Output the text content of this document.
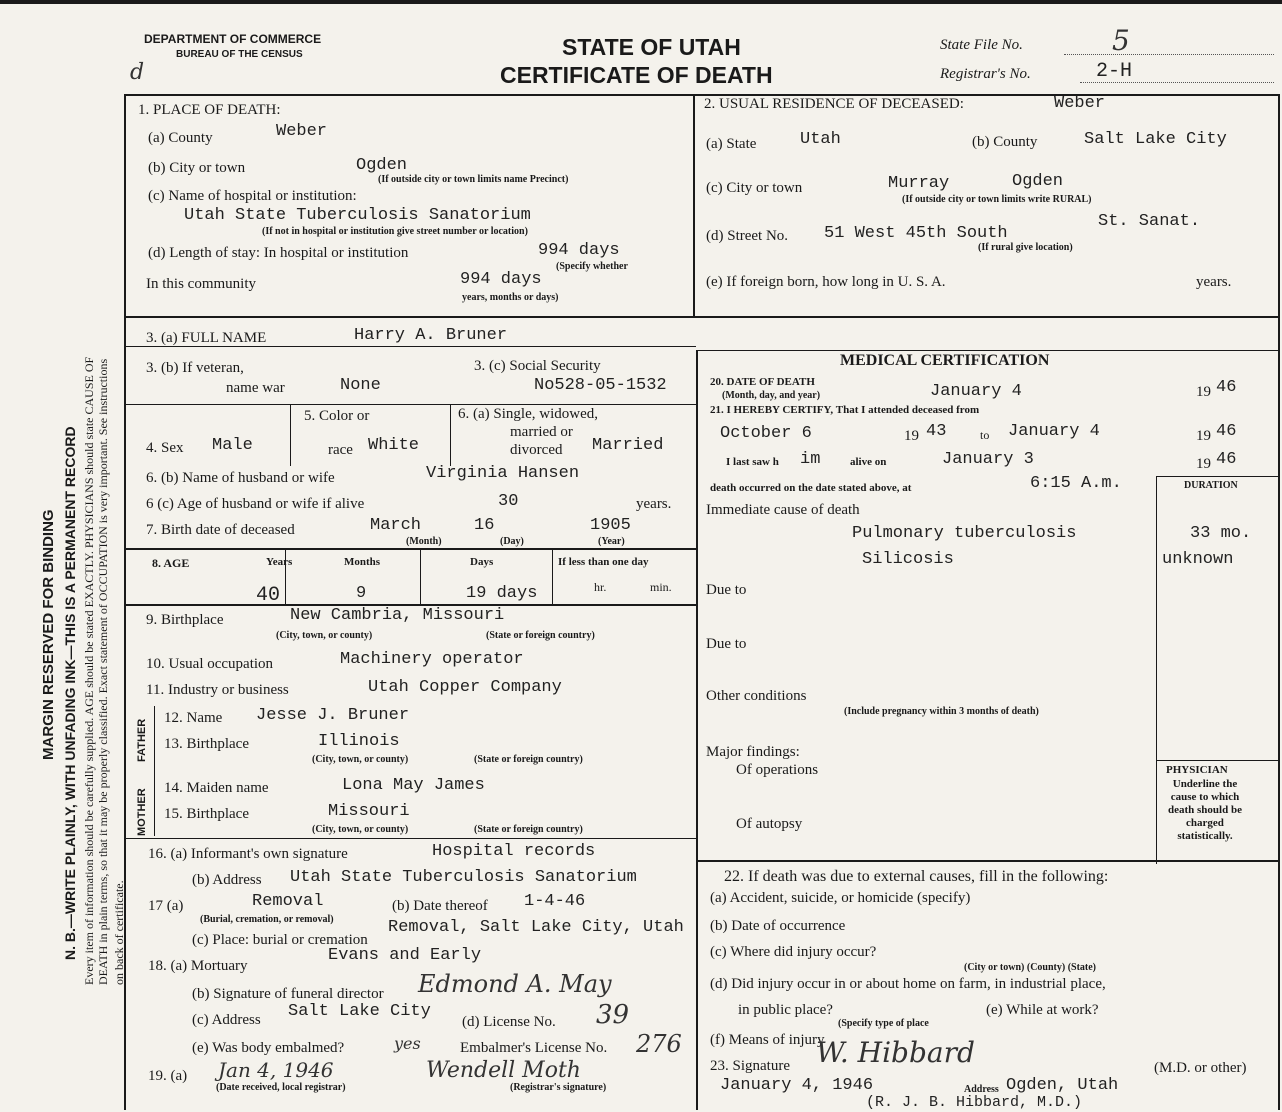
MARGIN RESERVED FOR BINDING N. B.—WRITE PLAINLY, WITH UNFADING INK—THIS IS A PERMANENT RECORD Every item of information should be carefully supplied. AGE should be stated EXACTLY. PHYSICIANS should state CAUSE OF DEATH in plain terms, so that it may be properly classified. Exact statement of OCCUPATION is very important. See instructions on back of certificate.
DEPARTMENT OF COMMERCE
BUREAU OF THE CENSUS
d
STATE OF UTAH
CERTIFICATE OF DEATH
State File No.	5
Registrar's No.	2-H
1. PLACE OF DEATH:
(a) County	Weber
(b) City or town	Ogden
(If outside city or town limits name Precinct)
(c) Name of hospital or institution:
Utah State Tuberculosis Sanatorium
(If not in hospital or institution give street number or location)
(d) Length of stay: In hospital or institution	994 days
(Specify whether
In this community	994 days
years, months or days)
2. USUAL RESIDENCE OF DECEASED:	Weber
(a) State	Utah	(b) County	Salt Lake City
(c) City or town	Murray	Ogden
(If outside city or town limits write RURAL)
(d) Street No. 51 West 45th South
St. Sanat.
(If rural give location)
(e) If foreign born, how long in U. S. A.	years.
3. (a) FULL NAME	Harry A. Bruner
3. (b) If veteran,
name war	None
3. (c) Social Security
No528-05-1532
4. Sex Male
5. Color or
race White
6. (a) Single, widowed,
married or
divorced Married
6. (b) Name of husband or wife	Virginia Hansen
6 (c) Age of husband or wife if alive	30	years.
7. Birth date of deceased	March	16	1905
(Month)	(Day)	(Year)
8. AGE	Years	Months	Days	If less than one day
40	9	19 days	hr.	min.
9. Birthplace	New Cambria, Missouri
(City, town, or county)	(State or foreign country)
10. Usual occupation	Machinery operator
11. Industry or business	Utah Copper Company
FATHER
MOTHER
12. Name Jesse J. Bruner
13. Birthplace	Illinois
(City, town, or county)	(State or foreign country)
14. Maiden name	Lona May James
15. Birthplace	Missouri
(City, town, or county)	(State or foreign country)
16. (a) Informant's own signature	Hospital records
(b) Address Utah State Tuberculosis Sanatorium
17 (a)	Removal
(Burial, cremation, or removal)
(b) Date thereof 1-4-46
(c) Place: burial or cremation
Removal, Salt Lake City, Utah
18. (a) Mortuary
Evans and Early
(b) Signature of funeral director Edmond A. May
(c) Address Salt Lake City
(d) License No. 39
(e) Was body embalmed?	yes	Embalmer's License No. 276
19. (a) Jan 4, 1946	Wendell Moth
(Date received, local registrar)	(Registrar's signature)
MEDICAL CERTIFICATION
20. DATE OF DEATH
(Month, day, and year)	January 4	19 46
21. I HEREBY CERTIFY, That I attended deceased from
October 6	19 43	to January 4	19 46
I last saw h im	alive on	January 3	19 46
death occurred on the date stated above, at	6:15 A.m.	DURATION
Immediate cause of death
Pulmonary tuberculosis	33 mo.
Silicosis	unknown
Due to
Due to
Other conditions
(Include pregnancy within 3 months of death)
Major findings:
Of operations
Of autopsy
PHYSICIAN
Underline the cause to which death should be charged statistically.
22. If death was due to external causes, fill in the following:
(a) Accident, suicide, or homicide (specify)
(b) Date of occurrence
(c) Where did injury occur?
(City or town) (County) (State)
(d) Did injury occur in or about home on farm, in industrial place,
in public place?
(Specify type of place
(e) While at work?
(f) Means of injury
23. Signature W. Hibbard	(M.D. or other)
January 4, 1946	Address Ogden, Utah
(R. J. B. Hibbard, M.D.)
